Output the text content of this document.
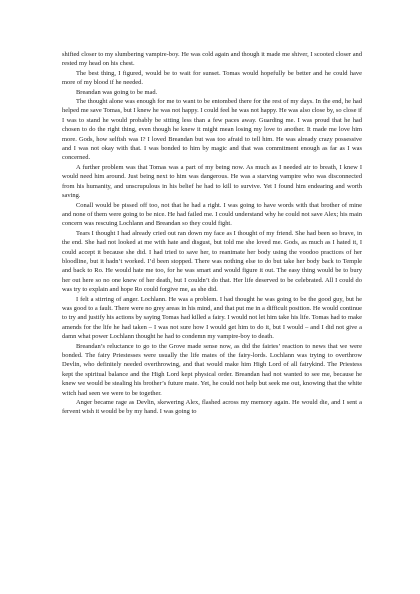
shifted closer to my slumbering vampire-boy. He was cold again and though it made me shiver, I scooted closer and rested my head on his chest.

The best thing, I figured, would be to wait for sunset. Tomas would hopefully be better and he could have more of my blood if he needed.

Breandan was going to be mad.

The thought alone was enough for me to want to be entombed there for the rest of my days. In the end, he had helped me save Tomas, but I knew he was not happy. I could feel he was not happy. He was also close by, so close if I was to stand he would probably be sitting less than a few paces away. Guarding me. I was proud that he had chosen to do the right thing, even though he knew it might mean losing my love to another. It made me love him more. Gods, how selfish was I? I loved Breandan but was too afraid to tell him. He was already crazy possessive and I was not okay with that. I was bonded to him by magic and that was commitment enough as far as I was concerned.

A further problem was that Tomas was a part of my being now. As much as I needed air to breath, I knew I would need him around. Just being next to him was dangerous. He was a starving vampire who was disconnected from his humanity, and unscrupulous in his belief he had to kill to survive. Yet I found him endearing and worth saving.

Conall would be pissed off too, not that he had a right. I was going to have words with that brother of mine and none of them were going to be nice. He had failed me. I could understand why he could not save Alex; his main concern was rescuing Lochlann and Breandan so they could fight.

Tears I thought I had already cried out ran down my face as I thought of my friend. She had been so brave, in the end. She had not looked at me with hate and disgust, but told me she loved me. Gods, as much as I hated it, I could accept it because she did. I had tried to save her, to reanimate her body using the voodoo practices of her bloodline, but it hadn’t worked. I’d been stopped. There was nothing else to do but take her body back to Temple and back to Ro. He would hate me too, for he was smart and would figure it out. The easy thing would be to bury her out here so no one knew of her death, but I couldn’t do that. Her life deserved to be celebrated. All I could do was try to explain and hope Ro could forgive me, as she did.

I felt a stirring of anger. Lochlann. He was a problem. I had thought he was going to be the good guy, but he was good to a fault. There were no grey areas in his mind, and that put me in a difficult position. He would continue to try and justify his actions by saying Tomas had killed a fairy. I would not let him take his life. Tomas had to make amends for the life he had taken – I was not sure how I would get him to do it, but I would – and I did not give a damn what power Lochlann thought he had to condemn my vampire-boy to death.

Breandan’s reluctance to go to the Grove made sense now, as did the fairies’ reaction to news that we were bonded. The fairy Priestesses were usually the life mates of the fairy-lords. Lochlann was trying to overthrow Devlin, who definitely needed overthrowing, and that would make him High Lord of all fairykind. The Priestess kept the spiritual balance and the High Lord kept physical order. Breandan had not wanted to see me, because he knew we would be stealing his brother’s future mate. Yet, he could not help but seek me out, knowing that the white witch had seen we were to be together.

Anger became rage as Devlin, skewering Alex, flashed across my memory again. He would die, and I sent a fervent wish it would be by my hand. I was going to
